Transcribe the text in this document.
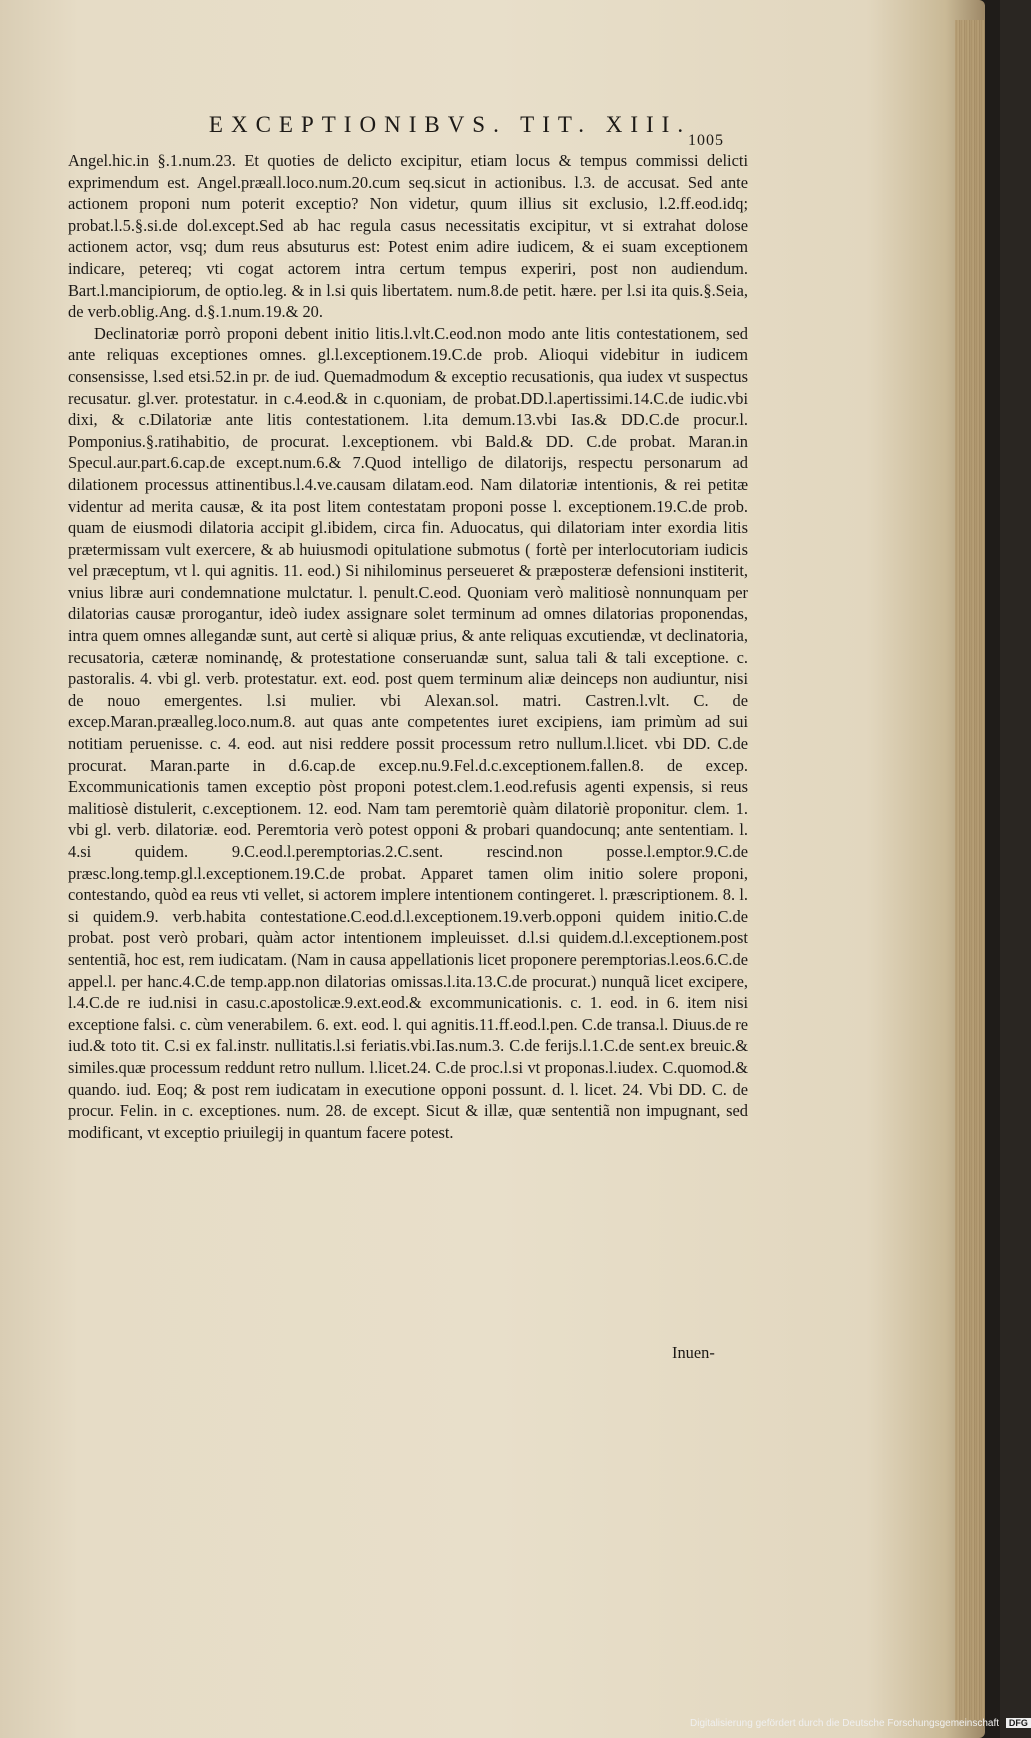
EXCEPTIONIBVS. TIT. XIII.
1005

Angel.hic.in §.1.num.23. Et quoties de delicto excipitur, etiam locus & tempus commissi delicti exprimendum est. Angel.præall.loco.num.20.cum seq.sicut in actionibus. l.3. de accusat. Sed ante actionem proponi num poterit exceptio? Non videtur, quum illius sit exclusio, l.2.ff.eod.idq; probat.l.5.§.si.de dol.except.Sed ab hac regula casus necessitatis excipitur, vt si extrahat dolose actionem actor, vsq; dum reus absuturus est: Potest enim adire iudicem, & ei suam exceptionem indicare, petereq; vti cogat actorem intra certum tempus experiri, post non audiendum. Bart.l.mancipiorum, de optio.leg. & in l.si quis libertatem. num.8.de petit. hære. per l.si ita quis.§.Seia, de verb.oblig.Ang. d.§.1.num.19.& 20.

Declinatoriæ porrò proponi debent initio litis.l.vlt.C.eod.non modo ante litis contestationem, sed ante reliquas exceptiones omnes. gl.l.exceptionem.19.C.de prob. Alioqui videbitur in iudicem consensisse, l.sed etsi.52.in pr. de iud. Quemadmodum & exceptio recusationis, qua iudex vt suspectus recusatur. gl.ver. protestatur. in c.4.eod.& in c.quoniam, de probat.DD.l.apertissimi.14.C.de iudic.vbi dixi, & c.Dilatoriæ ante litis contestationem. l.ita demum.13.vbi Ias.& DD.C.de procur.l. Pomponius.§.ratihabitio, de procurat. l.exceptionem. vbi Bald.& DD. C.de probat. Maran.in Specul.aur.part.6.cap.de except.num.6.& 7.Quod intelligo de dilatorijs, respectu personarum ad dilationem processus attinentibus.l.4.ve.causam dilatam.eod. Nam dilatoriæ intentionis, & rei petitæ videntur ad merita causæ, & ita post litem contestatam proponi posse l. exceptionem.19.C.de prob. quam de eiusmodi dilatoria accipit gl.ibidem, circa fin. Aduocatus, qui dilatoriam inter exordia litis prætermissam vult exercere, & ab huiusmodi opitulatione submotus ( fortè per interlocutoriam iudicis vel præceptum, vt l. qui agnitis. 11. eod.) Si nihilominus perseueret & præposteræ defensioni institerit, vnius libræ auri condemnatione mulctatur. l. penult.C.eod. Quoniam verò malitiosè nonnunquam per dilatorias causæ prorogantur, ideò iudex assignare solet terminum ad omnes dilatorias proponendas, intra quem omnes allegandæ sunt, aut certè si aliquæ prius, & ante reliquas excutiendæ, vt declinatoria, recusatoria, cæteræ nominandę, & protestatione conseruandæ sunt, salua tali & tali exceptione. c. pastoralis. 4. vbi gl. verb. protestatur. ext. eod. post quem terminum aliæ deinceps non audiuntur, nisi de nouo emergentes. l.si mulier. vbi Alexan.sol. matri. Castren.l.vlt. C. de excep.Maran.præalleg.loco.num.8. aut quas ante competentes iuret excipiens, iam primùm ad sui notitiam peruenisse. c. 4. eod. aut nisi reddere possit processum retro nullum.l.licet. vbi DD. C.de procurat. Maran.parte in d.6.cap.de excep.nu.9.Fel.d.c.exceptionem.fallen.8. de excep. Excommunicationis tamen exceptio pòst proponi potest.clem.1.eod.refusis agenti expensis, si reus malitiosè distulerit, c.exceptionem. 12. eod. Nam tam peremtoriè quàm dilatoriè proponitur. clem. 1. vbi gl. verb. dilatoriæ. eod. Peremtoria verò potest opponi & probari quandocunq; ante sententiam. l. 4.si quidem. 9.C.eod.l.peremptorias.2.C.sent. rescind.non posse.l.emptor.9.C.de præsc.long.temp.gl.l.exceptionem.19.C.de probat. Apparet tamen olim initio solere proponi, contestando, quòd ea reus vti vellet, si actorem implere intentionem contingeret. l. præscriptionem. 8. l. si quidem.9. verb.habita contestatione.C.eod.d.l.exceptionem.19.verb.opponi quidem initio.C.de probat. post verò probari, quàm actor intentionem impleuisset. d.l.si quidem.d.l.exceptionem.post sententiã, hoc est, rem iudicatam. (Nam in causa appellationis licet proponere peremptorias.l.eos.6.C.de appel.l. per hanc.4.C.de temp.app.non dilatorias omissas.l.ita.13.C.de procurat.) nunquã licet excipere, l.4.C.de re iud.nisi in casu.c.apostolicæ.9.ext.eod.& excommunicationis. c. 1. eod. in 6. item nisi exceptione falsi. c. cùm venerabilem. 6. ext. eod. l. qui agnitis.11.ff.eod.l.pen. C.de transa.l. Diuus.de re iud.& toto tit. C.si ex fal.instr. nullitatis.l.si feriatis.vbi.Ias.num.3. C.de ferijs.l.1.C.de sent.ex breuic.& similes.quæ processum reddunt retro nullum. l.licet.24. C.de proc.l.si vt proponas.l.iudex. C.quomod.& quando. iud. Eoq; & post rem iudicatam in executione opponi possunt. d. l. licet. 24. Vbi DD. C. de procur. Felin. in c. exceptiones. num. 28. de except. Sicut & illæ, quæ sententiã non impugnant, sed modificant, vt exceptio priuilegij in quantum facere potest.

Inuen-
Digitalisierung gefördert durch die Deutsche Forschungsgemeinschaft DFG
